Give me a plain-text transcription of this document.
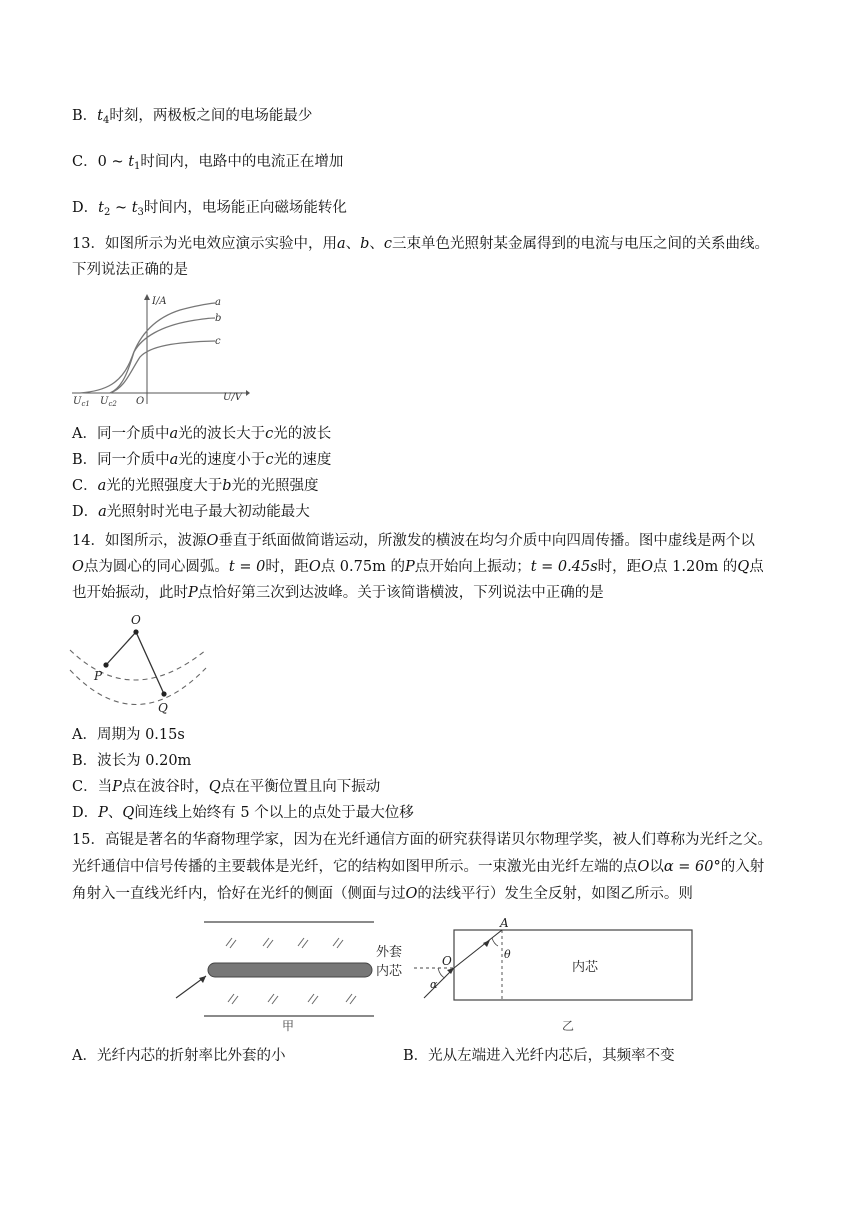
B．$t_4$时刻，两极板之间的电场能最少
C．0 ~ $t_1$时间内，电路中的电流正在增加
D．$t_2$ ~ $t_3$时间内，电场能正向磁场能转化
13．如图所示为光电效应演示实验中，用a、b、c三束单色光照射某金属得到的电流与电压之间的关系曲线。
下列说法正确的是
I/A
U/V
O
$U_{c1}$ $U_{c2}$
a
b
c
A．同一介质中a光的波长大于c光的波长
B．同一介质中a光的速度小于c光的速度
C．a光的光照强度大于b光的光照强度
D．a光照射时光电子最大初动能最大
14．如图所示，波源O垂直于纸面做简谐运动，所激发的横波在均匀介质中向四周传播。图中虚线是两个以
O点为圆心的同心圆弧。t = 0时，距O点 0.75m 的P点开始向上振动；t = 0.45s时，距O点 1.20m 的Q点
也开始振动，此时P点恰好第三次到达波峰。关于该简谐横波，下列说法中正确的是
O
P
Q
A．周期为 0.15s
B．波长为 0.20m
C．当P点在波谷时，Q点在平衡位置且向下振动
D．P、Q间连线上始终有 5 个以上的点处于最大位移
15．高锟是著名的华裔物理学家，因为在光纤通信方面的研究获得诺贝尔物理学奖，被人们尊称为光纤之父。
光纤通信中信号传播的主要载体是光纤，它的结构如图甲所示。一束激光由光纤左端的点O以α = 60°的入射
角射入一直线光纤内，恰好在光纤的侧面（侧面与过O的法线平行）发生全反射，如图乙所示。则
外套
内芯
甲
A
O	θ
α
内芯
乙
A．光纤内芯的折射率比外套的小	B．光从左端进入光纤内芯后，其频率不变
